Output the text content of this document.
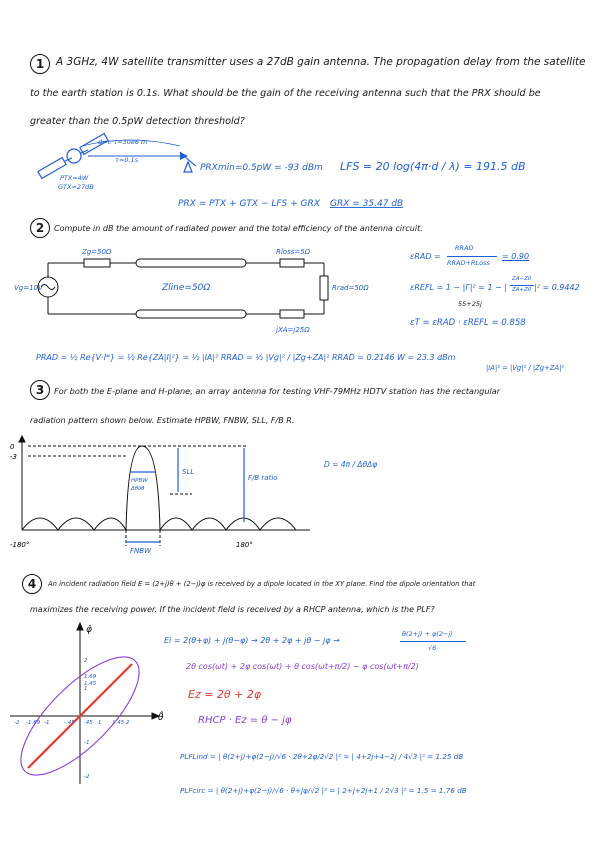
1	A 3GHz, 4W satellite transmitter uses a 27dB gain antenna. The propagation delay from the satellite
to the earth station is 0.1s. What should be the gain of the receiving antenna such that the PRX should be
greater than the 0.5pW detection threshold?
d=c·τ=30e6 m
τ=0.1s
PTX=4W
GTX=27dB
PRXmin=0.5pW = -93 dBm LFS = 20 log(4π·d / λ) = 191.5 dB
PRX = PTX + GTX − LFS + GRX GRX = 35.47 dB
2	Compute in dB the amount of radiated power and the total efficiency of the antenna circuit.
Zg=50Ω	Rloss=5Ω
Vg=10V	Zline=50Ω	Rrad=50Ω
jXA=j25Ω
εRAD =
RRAD
RRAD+RLoss
= 0.90
εREFL = 1 − |Γ|² = 1 − |
ZA−Z0
ZA+Z0 |² = 0.9442
55+25j
εT = εRAD · εREFL = 0.858
PRAD = ½ Re{V·I*} = ½ Re{ZA|I|²} = ½ |IA|² RRAD = ½ |Vg|² / |Zg+ZA|² RRAD = 0.2146 W = 23.3 dBm
|IA|² = |Vg|² / |Zg+ZA|²
3	For both the E-plane and H-plane, an array antenna for testing VHF-79MHz HDTV station has the rectangular
radiation pattern shown below. Estimate HPBW, FNBW, SLL, F/B R.
0
-3
HPBW
Δθ∂θ
SLL
F/B ratio
FNBW
-180°	180°
D = 4π / ΔθΔφ
4	An incident radiation field E = (2+j)θ + (2−j)φ is received by a dipole located in the XY plane. Find the dipole orientation that
maximizes the receiving power. If the incident field is received by a RHCP antenna, which is the PLF?
φ̂
θ̂
2
1.69
1.45
1
-1
-2
-2 -1.69 -1	-.45 .45 1 1.45 2
Ei = 2(θ+φ) + j(θ−φ) → 2θ + 2φ + jθ − jφ →
θ(2+j) + φ(2−j)
√6
2θ cos(ωt) + 2φ cos(ωt) + θ cos(ωt+π/2) − φ cos(ωt+π/2)
Ez = 2θ + 2φ
RHCP · Ez = θ − jφ
PLFLind = | θ(2+j)+φ(2−j)/√6 · 2θ+2φ/2√2 |² = | 4+2j+4−2j / 4√3 |² = 1.25 dB
PLFcirc = | θ(2+j)+φ(2−j)/√6 · θ+jφ/√2 |² = | 2+j+2j+1 / 2√3 |² = 1.5 = 1.76 dB
